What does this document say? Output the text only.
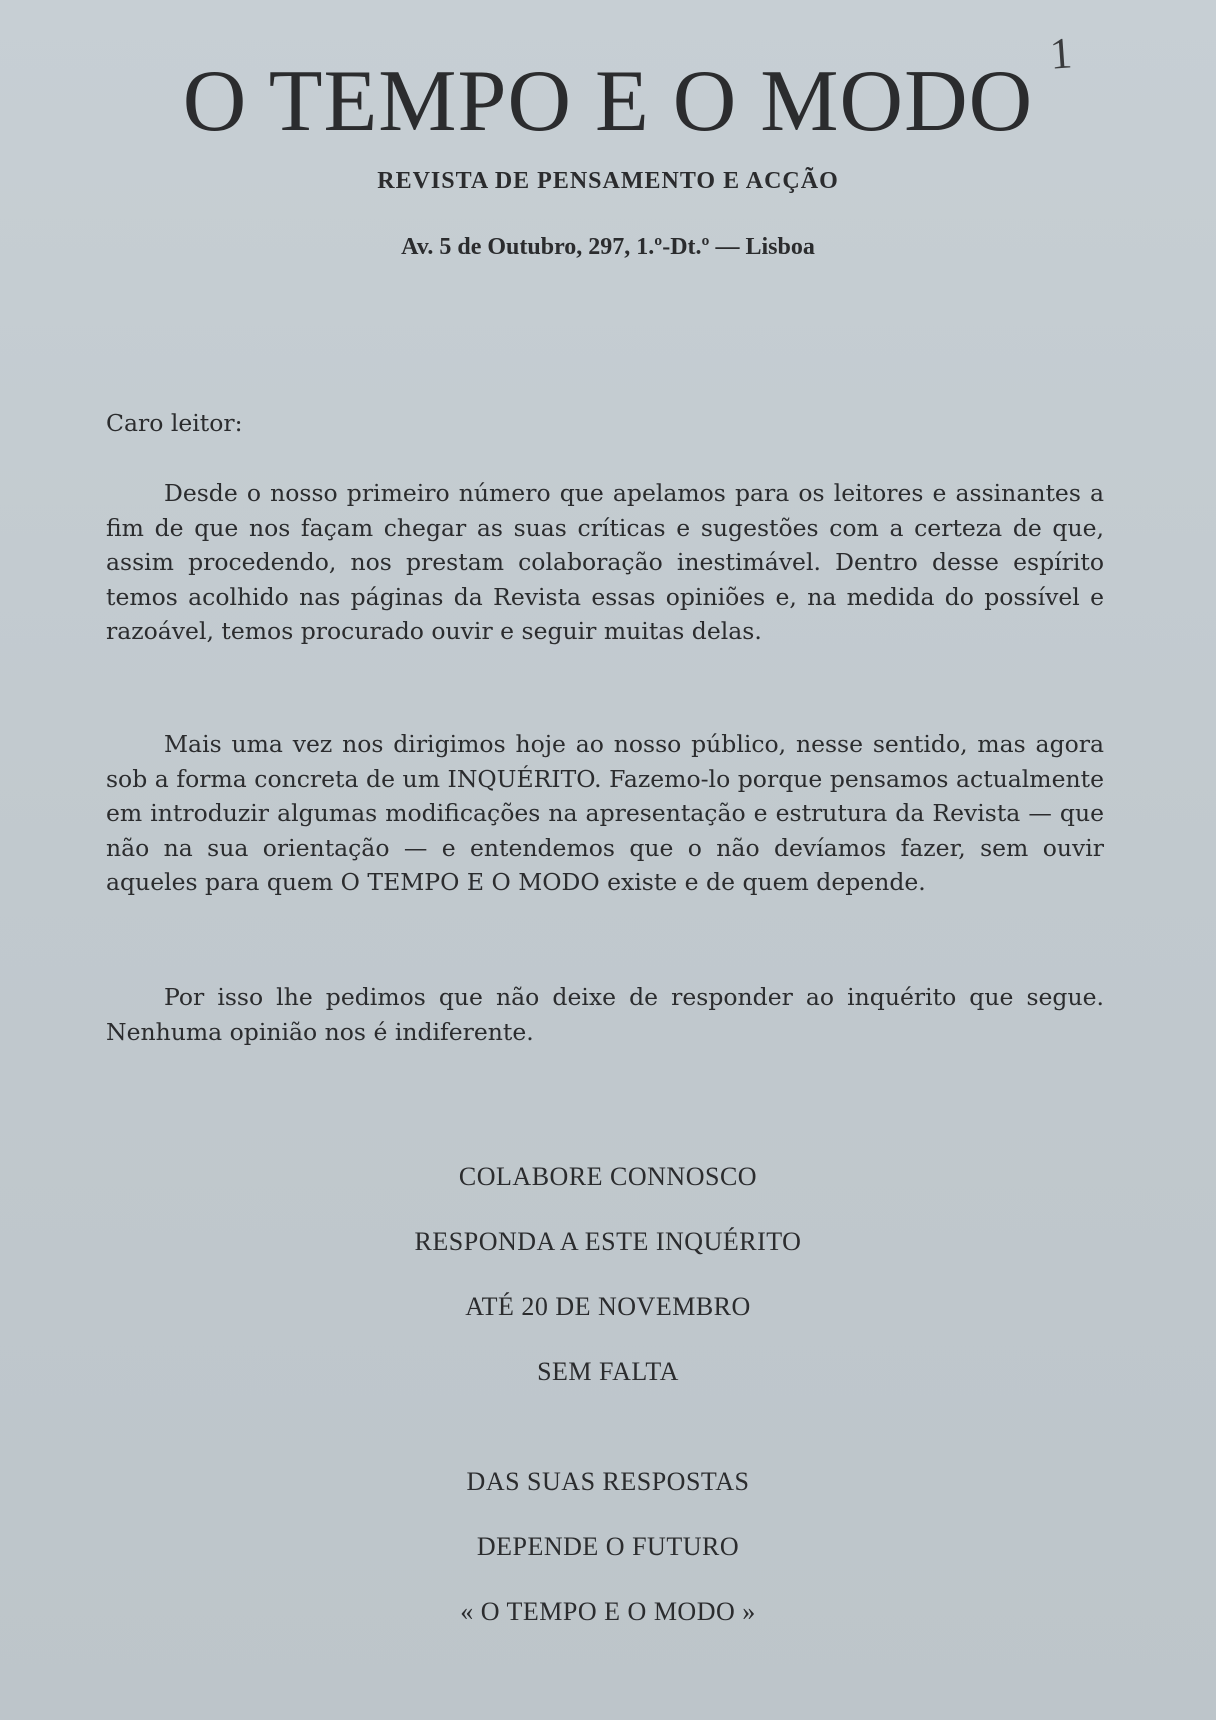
1
O TEMPO E O MODO
REVISTA DE PENSAMENTO E ACÇÃO
Av. 5 de Outubro, 297, 1.º-Dt.º — Lisboa

Caro leitor:

Desde o nosso primeiro número que apelamos para os leitores e assinantes a fim de que nos façam chegar as suas críticas e sugestões com a certeza de que, assim procedendo, nos prestam colaboração inestimável. Dentro desse espírito temos acolhido nas páginas da Revista essas opiniões e, na medida do possível e razoável, temos procurado ouvir e seguir muitas delas.

Mais uma vez nos dirigimos hoje ao nosso público, nesse sentido, mas agora sob a forma concreta de um INQUÉRITO. Fazemo-lo porque pensamos actualmente em introduzir algumas modificações na apresentação e estrutura da Revista — que não na sua orientação — e entendemos que o não devíamos fazer, sem ouvir aqueles para quem O TEMPO E O MODO existe e de quem depende.

Por isso lhe pedimos que não deixe de responder ao inquérito que segue. Nenhuma opinião nos é indiferente.

COLABORE CONNOSCO
RESPONDA A ESTE INQUÉRITO
ATÉ 20 DE NOVEMBRO
SEM FALTA
DAS SUAS RESPOSTAS
DEPENDE O FUTURO
« O TEMPO E O MODO »
